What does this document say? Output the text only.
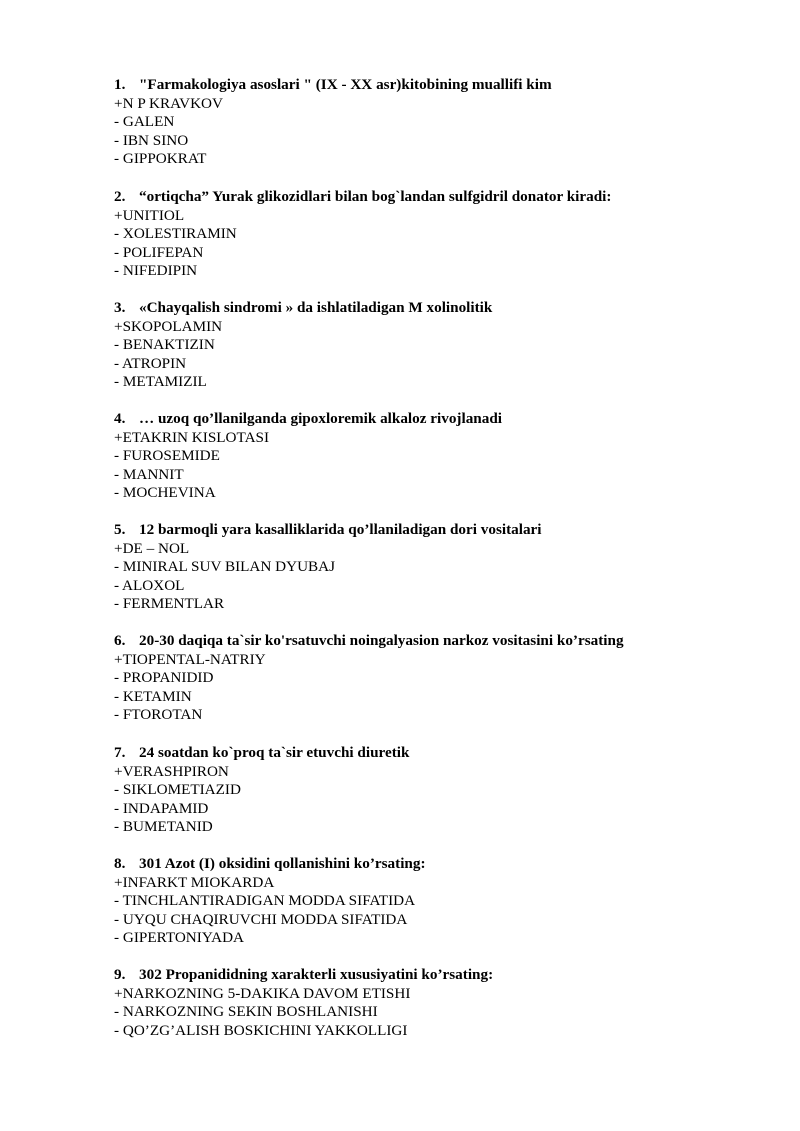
1. "Farmakologiya asoslari " (IX - XX asr)kitobining muallifi kim
+N P KRAVKOV
- GALEN
- IBN SINO
- GIPPOKRAT
2. “ortiqcha” Yurak glikozidlari bilan bog`landan sulfgidril donator kiradi:
+UNITIOL
- XOLESTIRAMIN
- POLIFEPAN
- NIFEDIPIN
3. «Chayqalish sindromi » da ishlatiladigan M xolinolitik
+SKOPOLAMIN
- BENAKTIZIN
- ATROPIN
- METAMIZIL
4. … uzoq qo’llanilganda gipoxloremik alkaloz rivojlanadi
+ETAKRIN KISLOTASI
- FUROSEMIDE
- MANNIT
- MOCHEVINA
5. 12 barmoqli yara kasalliklarida qo’llaniladigan dori vositalari
+DE – NOL
- MINIRAL SUV BILAN DYUBAJ
- ALOXOL
- FERMENTLAR
6. 20-30 daqiqa ta`sir ko'rsatuvchi noingalyasion narkoz vositasini ko’rsating
+TIOPENTAL-NATRIY
- PROPANIDID
- KETAMIN
- FTOROTAN
7. 24 soatdan ko`proq ta`sir etuvchi diuretik
+VERASHPIRON
- SIKLOMETIAZID
- INDAPAMID
- BUMETANID
8. 301 Azot (I) oksidini qollanishini ko’rsating:
+INFARKT MIOKARDA
- TINCHLANTIRADIGAN MODDA SIFATIDA
- UYQU CHAQIRUVCHI MODDA SIFATIDA
- GIPERTONIYADA
9. 302 Propanididning xarakterli xususiyatini ko’rsating:
+NARKOZNING 5-DAKIKA DAVOM ETISHI
- NARKOZNING SEKIN BOSHLANISHI
- QO’ZG’ALISH BOSKICHINI YAKKOLLIGI
